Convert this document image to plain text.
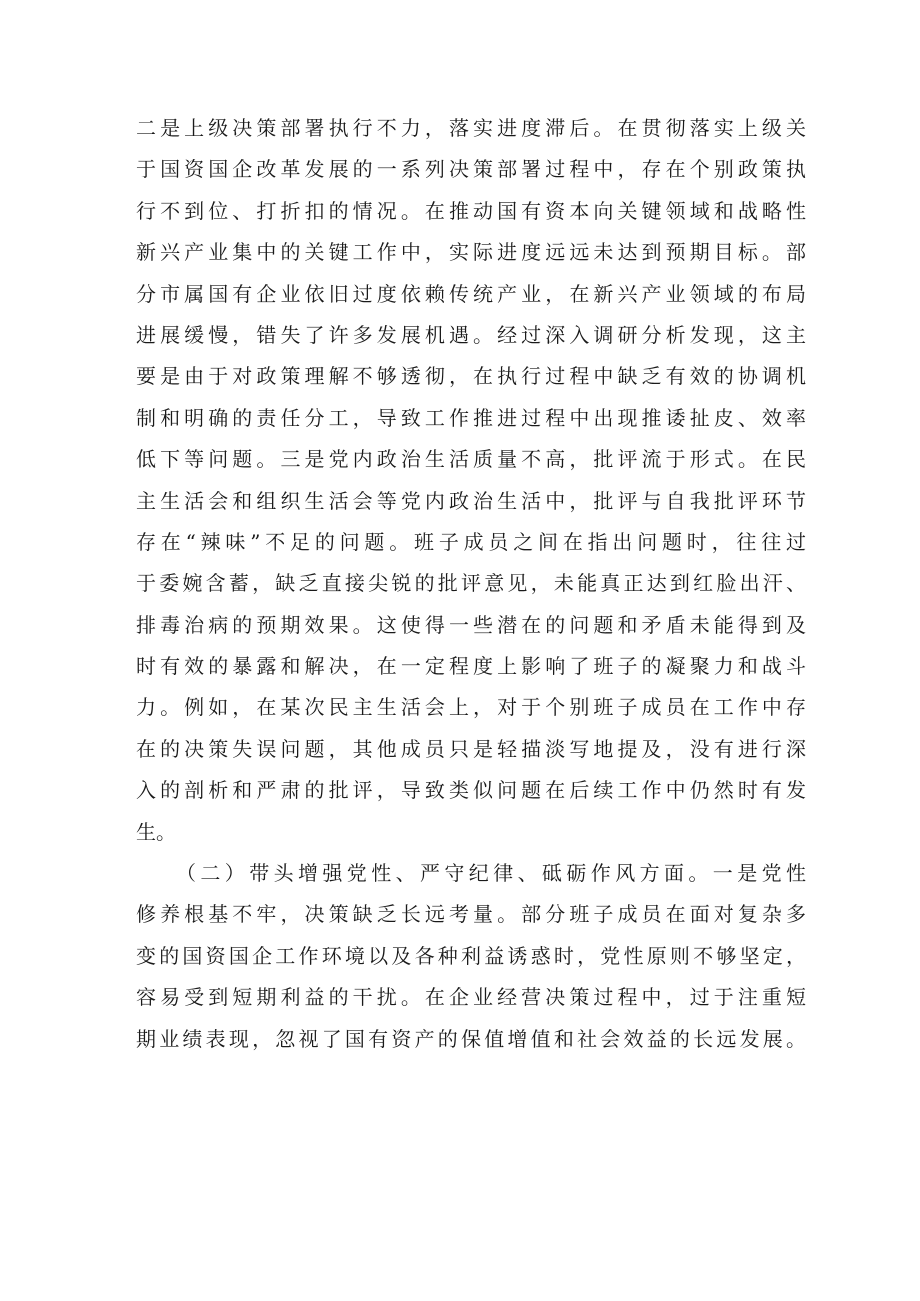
二是上级决策部署执行不力，落实进度滞后。在贯彻落实上级关
于国资国企改革发展的一系列决策部署过程中，存在个别政策执
行不到位、打折扣的情况。在推动国有资本向关键领域和战略性
新兴产业集中的关键工作中，实际进度远远未达到预期目标。部
分市属国有企业依旧过度依赖传统产业，在新兴产业领域的布局
进展缓慢，错失了许多发展机遇。经过深入调研分析发现，这主
要是由于对政策理解不够透彻，在执行过程中缺乏有效的协调机
制和明确的责任分工，导致工作推进过程中出现推诿扯皮、效率
低下等问题。三是党内政治生活质量不高，批评流于形式。在民
主生活会和组织生活会等党内政治生活中，批评与自我批评环节
存在“辣味”不足的问题。班子成员之间在指出问题时，往往过
于委婉含蓄，缺乏直接尖锐的批评意见，未能真正达到红脸出汗、
排毒治病的预期效果。这使得一些潜在的问题和矛盾未能得到及
时有效的暴露和解决，在一定程度上影响了班子的凝聚力和战斗
力。例如，在某次民主生活会上，对于个别班子成员在工作中存
在的决策失误问题，其他成员只是轻描淡写地提及，没有进行深
入的剖析和严肃的批评，导致类似问题在后续工作中仍然时有发
生。
（二）带头增强党性、严守纪律、砥砺作风方面。一是党性
修养根基不牢，决策缺乏长远考量。部分班子成员在面对复杂多
变的国资国企工作环境以及各种利益诱惑时，党性原则不够坚定，
容易受到短期利益的干扰。在企业经营决策过程中，过于注重短
期业绩表现，忽视了国有资产的保值增值和社会效益的长远发展。
